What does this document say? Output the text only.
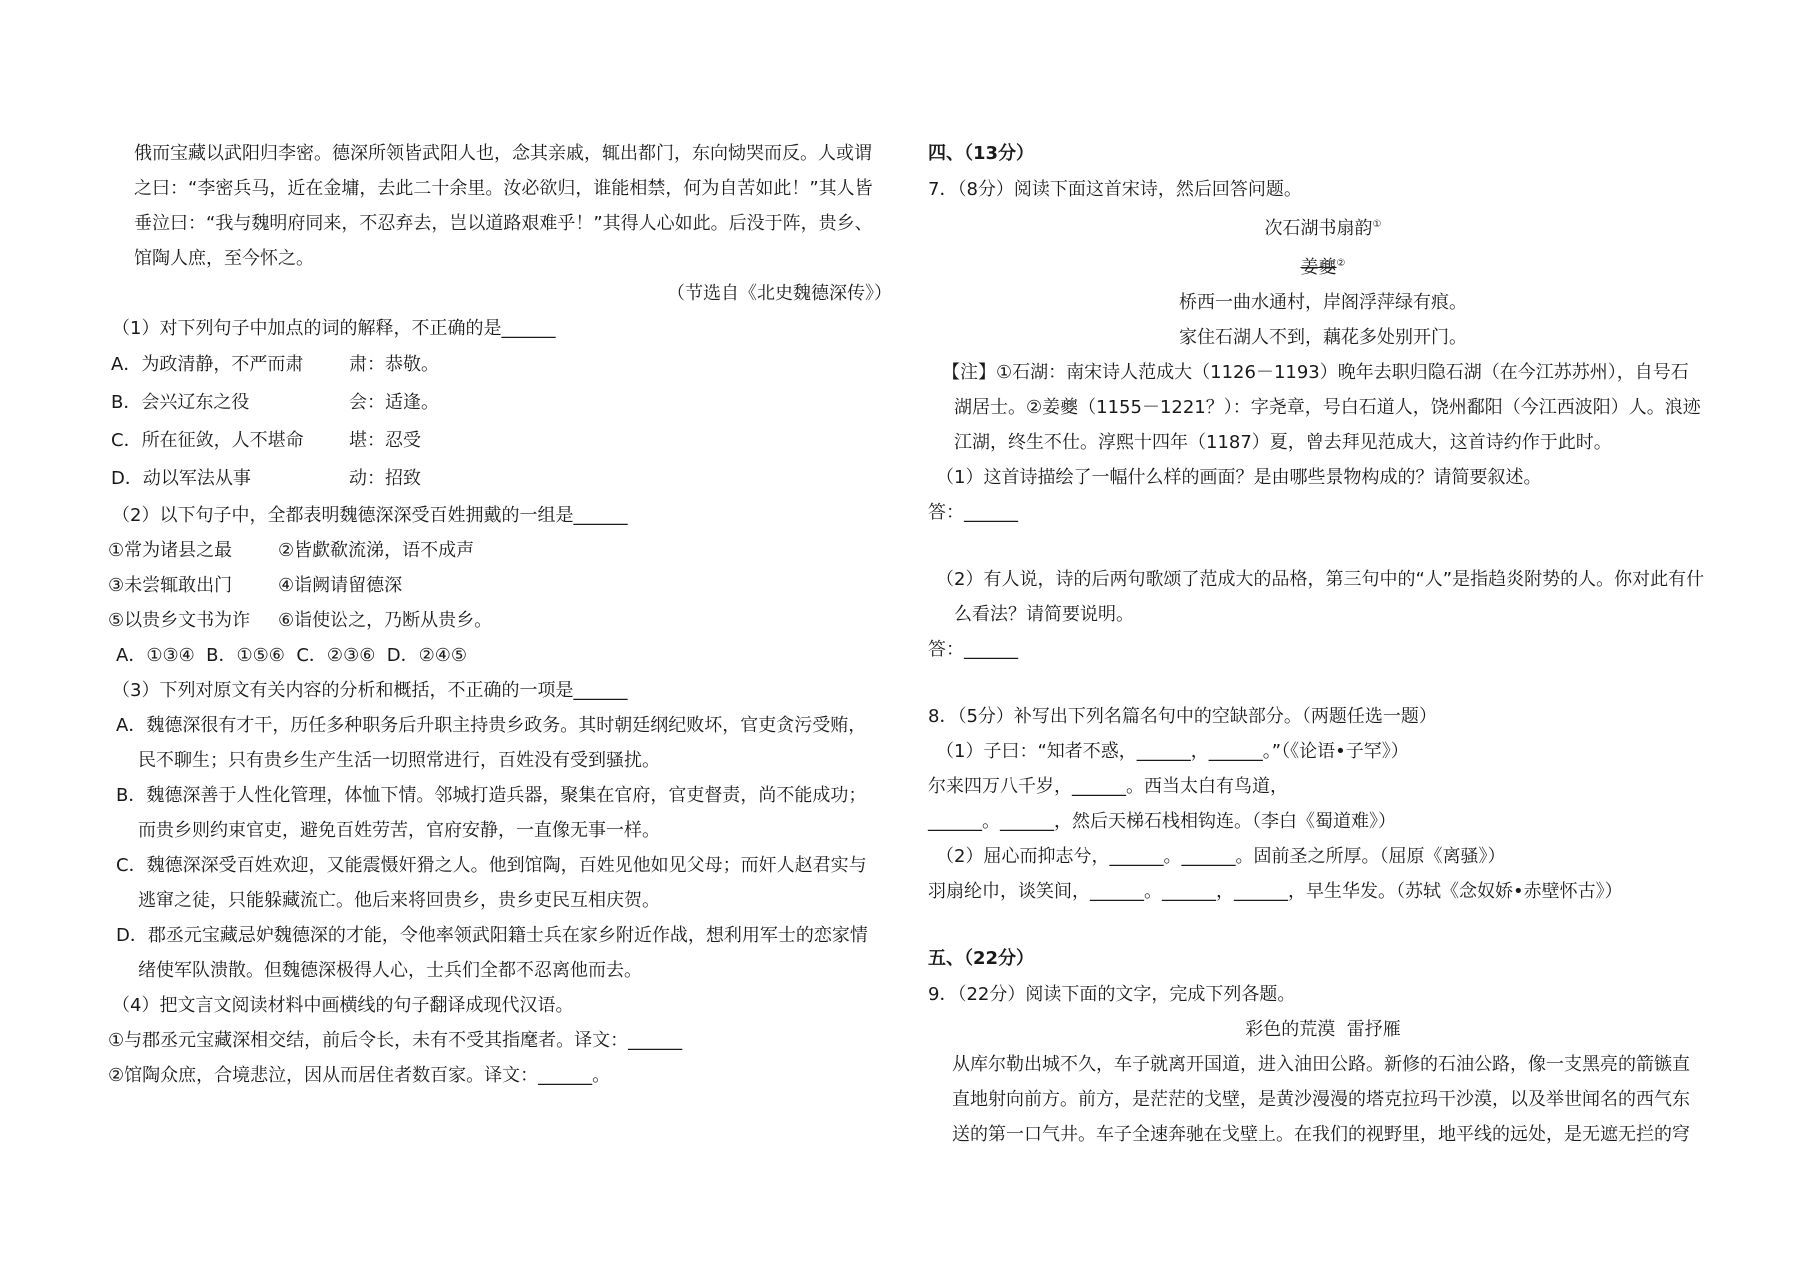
俄而宝藏以武阳归李密。德深所领皆武阳人也，念其亲戚，辄出都门，东向恸哭而反。人或谓
之曰：“李密兵马，近在金墉，去此二十余里。汝必欲归，谁能相禁，何为自苦如此！”其人皆
垂泣曰：“我与魏明府同来，不忍弃去，岂以道路艰难乎！”其得人心如此。后没于阵，贵乡、
馆陶人庶，至今怀之。
（节选自《北史魏德深传》）
（1）对下列句子中加点的词的解释，不正确的是______
A．为政清静，不严而肃	肃：恭敬。
B．会兴辽东之役	会：适逢。
C．所在征敛，人不堪命	堪：忍受
D．动以军法从事	动：招致
（2）以下句子中，全都表明魏德深深受百姓拥戴的一组是______
①常为诸县之最	②皆歔欷流涕，语不成声
③未尝辄敢出门	④诣阙请留德深
⑤以贵乡文书为诈 ⑥诣使讼之，乃断从贵乡。
A．①③④  B．①⑤⑥  C．②③⑥  D．②④⑤
（3）下列对原文有关内容的分析和概括，不正确的一项是______
A．魏德深很有才干，历任多种职务后升职主持贵乡政务。其时朝廷纲纪败坏，官吏贪污受贿，
民不聊生；只有贵乡生产生活一切照常进行，百姓没有受到骚扰。
B．魏德深善于人性化管理，体恤下情。邻城打造兵器，聚集在官府，官吏督责，尚不能成功；
而贵乡则约束官吏，避免百姓劳苦，官府安静，一直像无事一样。
C．魏德深深受百姓欢迎，又能震慑奸猾之人。他到馆陶，百姓见他如见父母；而奸人赵君实与
逃窜之徒，只能躲藏流亡。他后来将回贵乡，贵乡吏民互相庆贺。
D．郡丞元宝藏忌妒魏德深的才能，令他率领武阳籍士兵在家乡附近作战，想利用军士的恋家情
绪使军队溃散。但魏德深极得人心，士兵们全都不忍离他而去。
（4）把文言文阅读材料中画横线的句子翻译成现代汉语。
①与郡丞元宝藏深相交结，前后令长，未有不受其指麾者。译文：______
②馆陶众庶，合境悲泣，因从而居住者数百家。译文：______。
四、（13分）
7．（8分）阅读下面这首宋诗，然后回答问题。
次石湖书扇韵①
姜夔②
桥西一曲水通村，岸阁浮萍绿有痕。
家住石湖人不到，藕花多处别开门。
【注】①石湖：南宋诗人范成大（1126－1193）晚年去职归隐石湖（在今江苏苏州），自号石
湖居士。②姜夔（1155－1221？）：字尧章，号白石道人，饶州鄱阳（今江西波阳）人。浪迹
江湖，终生不仕。淳熙十四年（1187）夏，曾去拜见范成大，这首诗约作于此时。
（1）这首诗描绘了一幅什么样的画面？是由哪些景物构成的？请简要叙述。
答：______
（2）有人说，诗的后两句歌颂了范成大的品格，第三句中的“人”是指趋炎附势的人。你对此有什
么看法？请简要说明。
答：______
8．（5分）补写出下列名篇名句中的空缺部分。（两题任选一题）
（1）子曰：“知者不惑，______，______。”（《论语•子罕》）
尔来四万八千岁，______。西当太白有鸟道，
______。______，然后天梯石栈相钩连。（李白《蜀道难》）
（2）屈心而抑志兮，______。______。固前圣之所厚。（屈原《离骚》）
羽扇纶巾，谈笑间，______。______，______，早生华发。（苏轼《念奴娇•赤壁怀古》）
五、（22分）
9．（22分）阅读下面的文字，完成下列各题。
彩色的荒漠  雷抒雁
从库尔勒出城不久，车子就离开国道，进入油田公路。新修的石油公路，像一支黑亮的箭镞直
直地射向前方。前方，是茫茫的戈壁，是黄沙漫漫的塔克拉玛干沙漠，以及举世闻名的西气东
送的第一口气井。车子全速奔驰在戈壁上。在我们的视野里，地平线的远处，是无遮无拦的穹
